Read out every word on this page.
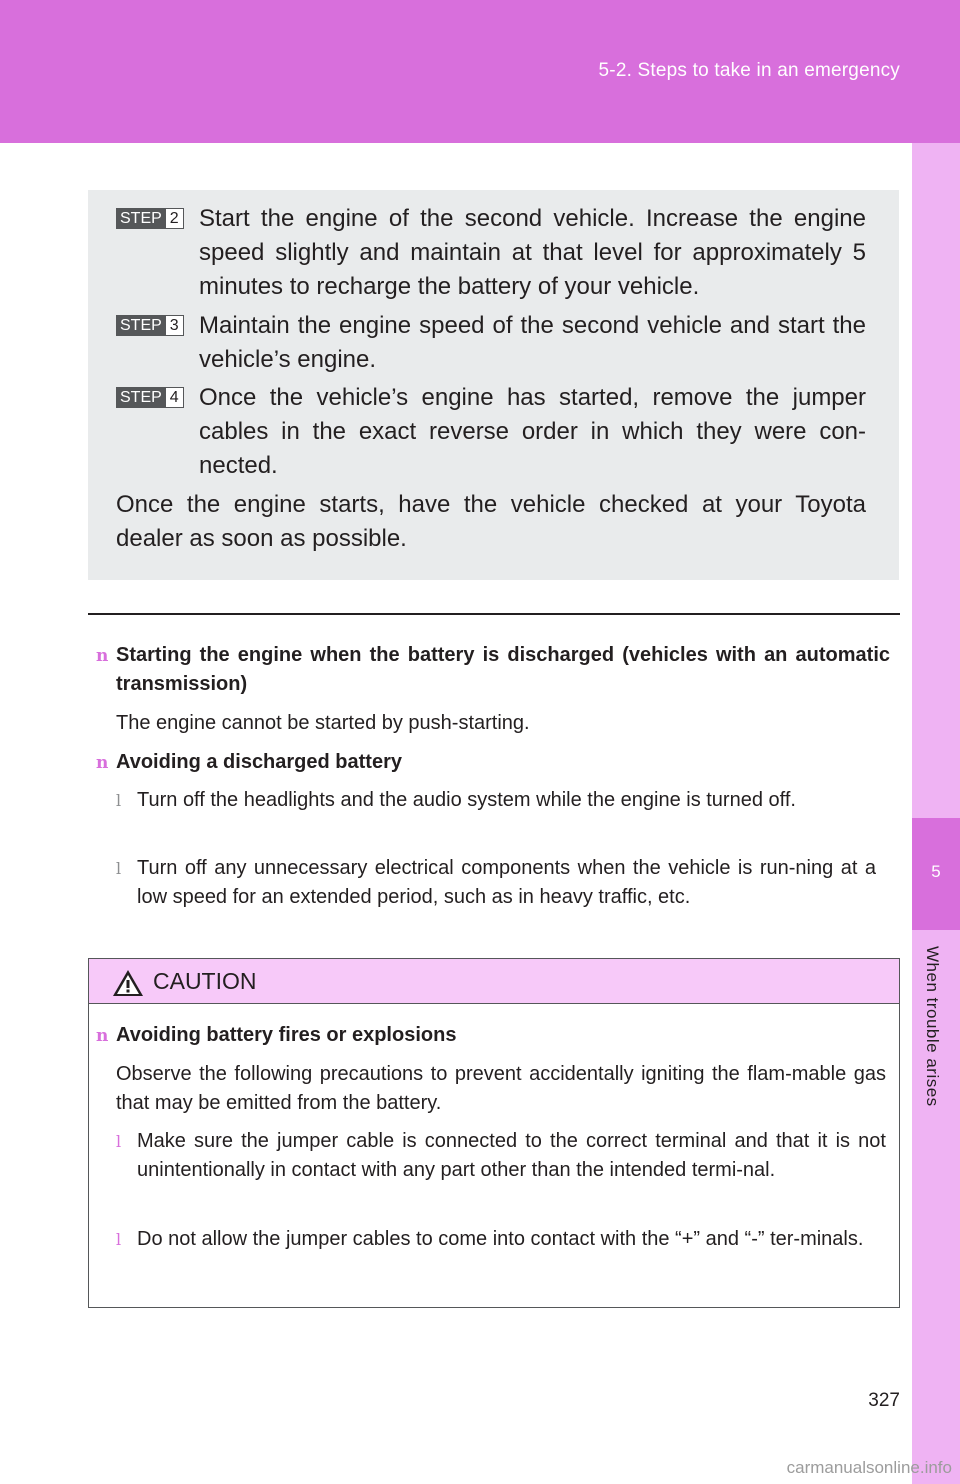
5-2. Steps to take in an emergency
5
When trouble arises
STEP 2 Start the engine of the second vehicle. Increase the engine speed slightly and maintain at that level for approximately 5 minutes to recharge the battery of your vehicle.
STEP 3 Maintain the engine speed of the second vehicle and start the vehicle’s engine.
STEP 4 Once the vehicle’s engine has started, remove the jumper cables in the exact reverse order in which they were con-nected.
Once the engine starts, have the vehicle checked at your Toyota dealer as soon as possible.
n Starting the engine when the battery is discharged (vehicles with an automatic transmission)
The engine cannot be started by push-starting.
n Avoiding a discharged battery
l Turn off the headlights and the audio system while the engine is turned off.
l Turn off any unnecessary electrical components when the vehicle is run-ning at a low speed for an extended period, such as in heavy traffic, etc.
CAUTION
n Avoiding battery fires or explosions
Observe the following precautions to prevent accidentally igniting the flam-mable gas that may be emitted from the battery.
l Make sure the jumper cable is connected to the correct terminal and that it is not unintentionally in contact with any part other than the intended termi-nal.
l Do not allow the jumper cables to come into contact with the “+” and “-” ter-minals.
327
carmanualsonline.info
